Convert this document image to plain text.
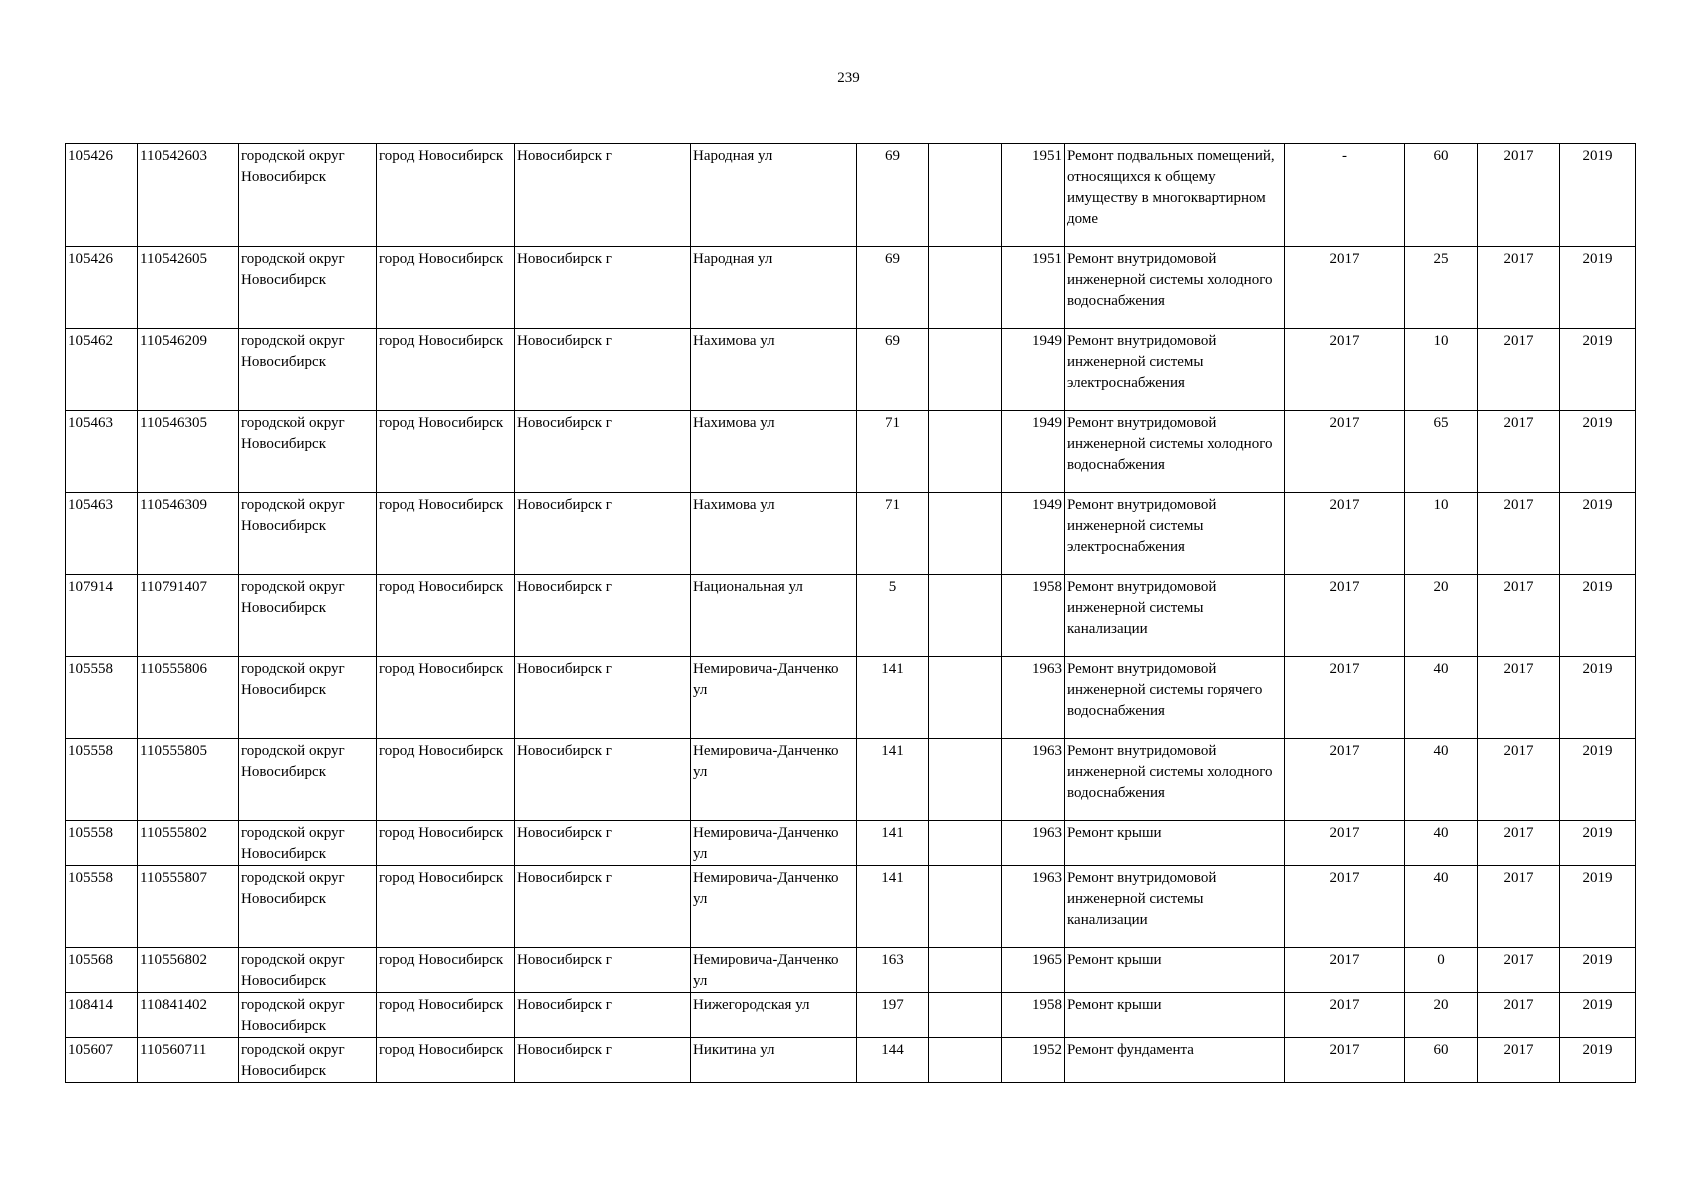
239
105426	110542603	городской округ Новосибирск	город Новосибирск	Новосибирск г	Народная ул	69		1951	Ремонт подвальных помещений, относящихся к общему имуществу в многоквартирном доме	-	60	2017	2019
105426	110542605	городской округ Новосибирск	город Новосибирск	Новосибирск г	Народная ул	69		1951	Ремонт внутридомовой инженерной системы холодного водоснабжения	2017	25	2017	2019
105462	110546209	городской округ Новосибирск	город Новосибирск	Новосибирск г	Нахимова ул	69		1949	Ремонт внутридомовой инженерной системы электроснабжения	2017	10	2017	2019
105463	110546305	городской округ Новосибирск	город Новосибирск	Новосибирск г	Нахимова ул	71		1949	Ремонт внутридомовой инженерной системы холодного водоснабжения	2017	65	2017	2019
105463	110546309	городской округ Новосибирск	город Новосибирск	Новосибирск г	Нахимова ул	71		1949	Ремонт внутридомовой инженерной системы электроснабжения	2017	10	2017	2019
107914	110791407	городской округ Новосибирск	город Новосибирск	Новосибирск г	Национальная ул	5		1958	Ремонт внутридомовой инженерной системы канализации	2017	20	2017	2019
105558	110555806	городской округ Новосибирск	город Новосибирск	Новосибирск г	Немировича-Данченко ул	141		1963	Ремонт внутридомовой инженерной системы горячего водоснабжения	2017	40	2017	2019
105558	110555805	городской округ Новосибирск	город Новосибирск	Новосибирск г	Немировича-Данченко ул	141		1963	Ремонт внутридомовой инженерной системы холодного водоснабжения	2017	40	2017	2019
105558	110555802	городской округ Новосибирск	город Новосибирск	Новосибирск г	Немировича-Данченко ул	141		1963	Ремонт крыши	2017	40	2017	2019
105558	110555807	городской округ Новосибирск	город Новосибирск	Новосибирск г	Немировича-Данченко ул	141		1963	Ремонт внутридомовой инженерной системы канализации	2017	40	2017	2019
105568	110556802	городской округ Новосибирск	город Новосибирск	Новосибирск г	Немировича-Данченко ул	163		1965	Ремонт крыши	2017	0	2017	2019
108414	110841402	городской округ Новосибирск	город Новосибирск	Новосибирск г	Нижегородская ул	197		1958	Ремонт крыши	2017	20	2017	2019
105607	110560711	городской округ Новосибирск	город Новосибирск	Новосибирск г	Никитина ул	144		1952	Ремонт фундамента	2017	60	2017	2019
